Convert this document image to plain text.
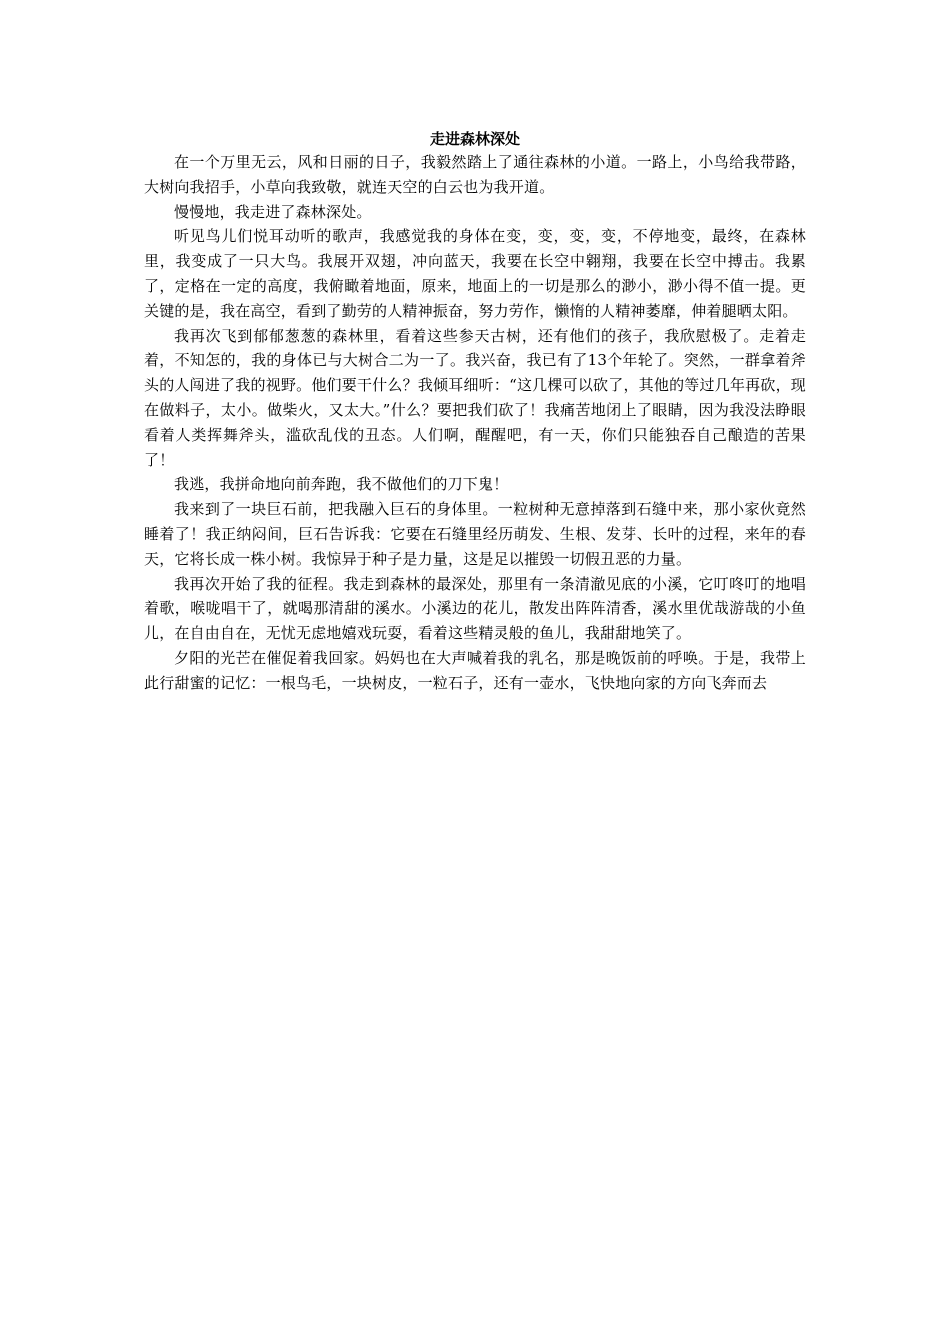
走进森林深处

在一个万里无云，风和日丽的日子，我毅然踏上了通往森林的小道。一路上，小鸟给我带路，大树向我招手，小草向我致敬，就连天空的白云也为我开道。

慢慢地，我走进了森林深处。

听见鸟儿们悦耳动听的歌声，我感觉我的身体在变，变，变，变，不停地变，最终，在森林里，我变成了一只大鸟。我展开双翅，冲向蓝天，我要在长空中翱翔，我要在长空中搏击。我累了，定格在一定的高度，我俯瞰着地面，原来，地面上的一切是那么的渺小，渺小得不值一提。更关键的是，我在高空，看到了勤劳的人精神振奋，努力劳作，懒惰的人精神萎靡，伸着腿晒太阳。

我再次飞到郁郁葱葱的森林里，看着这些参天古树，还有他们的孩子，我欣慰极了。走着走着，不知怎的，我的身体已与大树合二为一了。我兴奋，我已有了13个年轮了。突然，一群拿着斧头的人闯进了我的视野。他们要干什么？我倾耳细听：“这几棵可以砍了，其他的等过几年再砍，现在做料子，太小。做柴火，又太大。”什么？要把我们砍了！我痛苦地闭上了眼睛，因为我没法睁眼看着人类挥舞斧头，滥砍乱伐的丑态。人们啊，醒醒吧，有一天，你们只能独吞自己酿造的苦果了！

我逃，我拼命地向前奔跑，我不做他们的刀下鬼！

我来到了一块巨石前，把我融入巨石的身体里。一粒树种无意掉落到石缝中来，那小家伙竟然睡着了！我正纳闷间，巨石告诉我：它要在石缝里经历萌发、生根、发芽、长叶的过程，来年的春天，它将长成一株小树。我惊异于种子是力量，这是足以摧毁一切假丑恶的力量。

我再次开始了我的征程。我走到森林的最深处，那里有一条清澈见底的小溪，它叮咚叮的地唱着歌，喉咙唱干了，就喝那清甜的溪水。小溪边的花儿，散发出阵阵清香，溪水里优哉游哉的小鱼儿，在自由自在，无忧无虑地嬉戏玩耍，看着这些精灵般的鱼儿，我甜甜地笑了。

夕阳的光芒在催促着我回家。妈妈也在大声喊着我的乳名，那是晚饭前的呼唤。于是，我带上此行甜蜜的记忆：一根鸟毛，一块树皮，一粒石子，还有一壶水，飞快地向家的方向飞奔而去
